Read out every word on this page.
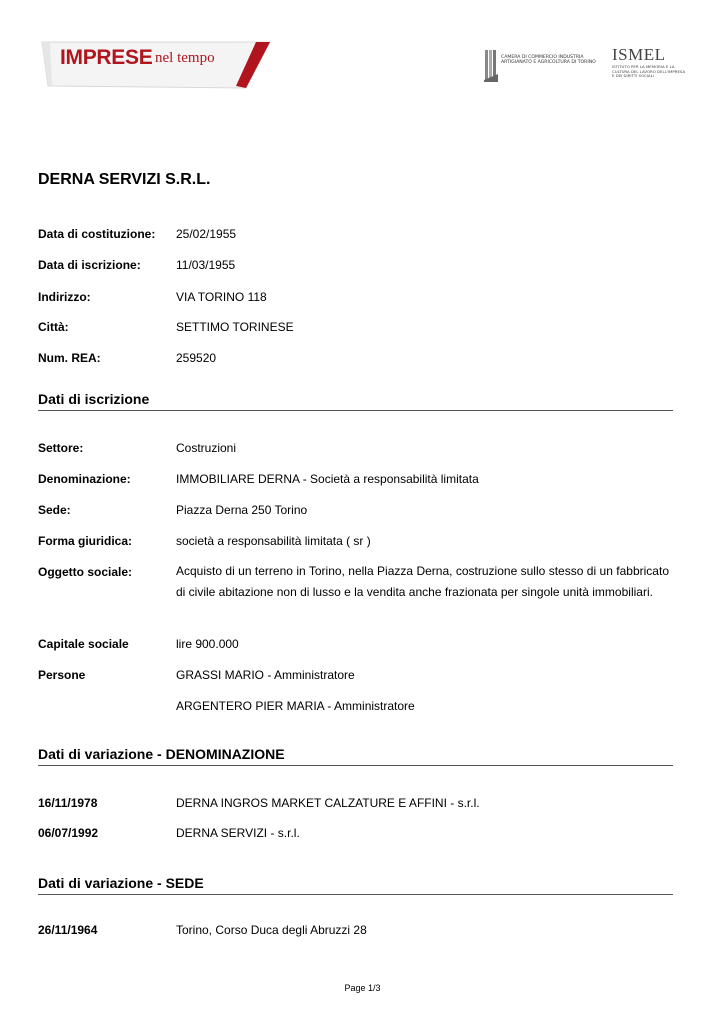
IMPRESE nel tempo	CAMERA DI COMMERCIO INDUSTRIA ARTIGIANATO E AGRICOLTURA DI TORINO ISMEL
ISTITUTO PER LA MEMORIA E LA CULTURA DEL LAVORO DELL'IMPRESA E DEI DIRITTI SOCIALI
DERNA SERVIZI S.R.L.
Data di costituzione: 25/02/1955
Data di iscrizione:	11/03/1955
Indirizzo:	VIA TORINO 118
Città:	SETTIMO TORINESE
Num. REA:	259520
Dati di iscrizione
Settore:	Costruzioni
Denominazione:	IMMOBILIARE DERNA - Società a responsabilità limitata
Sede:	Piazza Derna 250 Torino
Forma giuridica:	società a responsabilità limitata ( sr )
Oggetto sociale:	Acquisto di un terreno in Torino, nella Piazza Derna, costruzione sullo stesso di un fabbricato di civile abitazione non di lusso e la vendita anche frazionata per singole unità immobiliari.
Capitale sociale	lire 900.000
Persone	GRASSI MARIO - Amministratore
ARGENTERO PIER MARIA - Amministratore
Dati di variazione - DENOMINAZIONE
16/11/1978	DERNA INGROS MARKET CALZATURE E AFFINI - s.r.l.
06/07/1992	DERNA SERVIZI - s.r.l.
Dati di variazione - SEDE
26/11/1964	Torino, Corso Duca degli Abruzzi 28
Page 1/3
